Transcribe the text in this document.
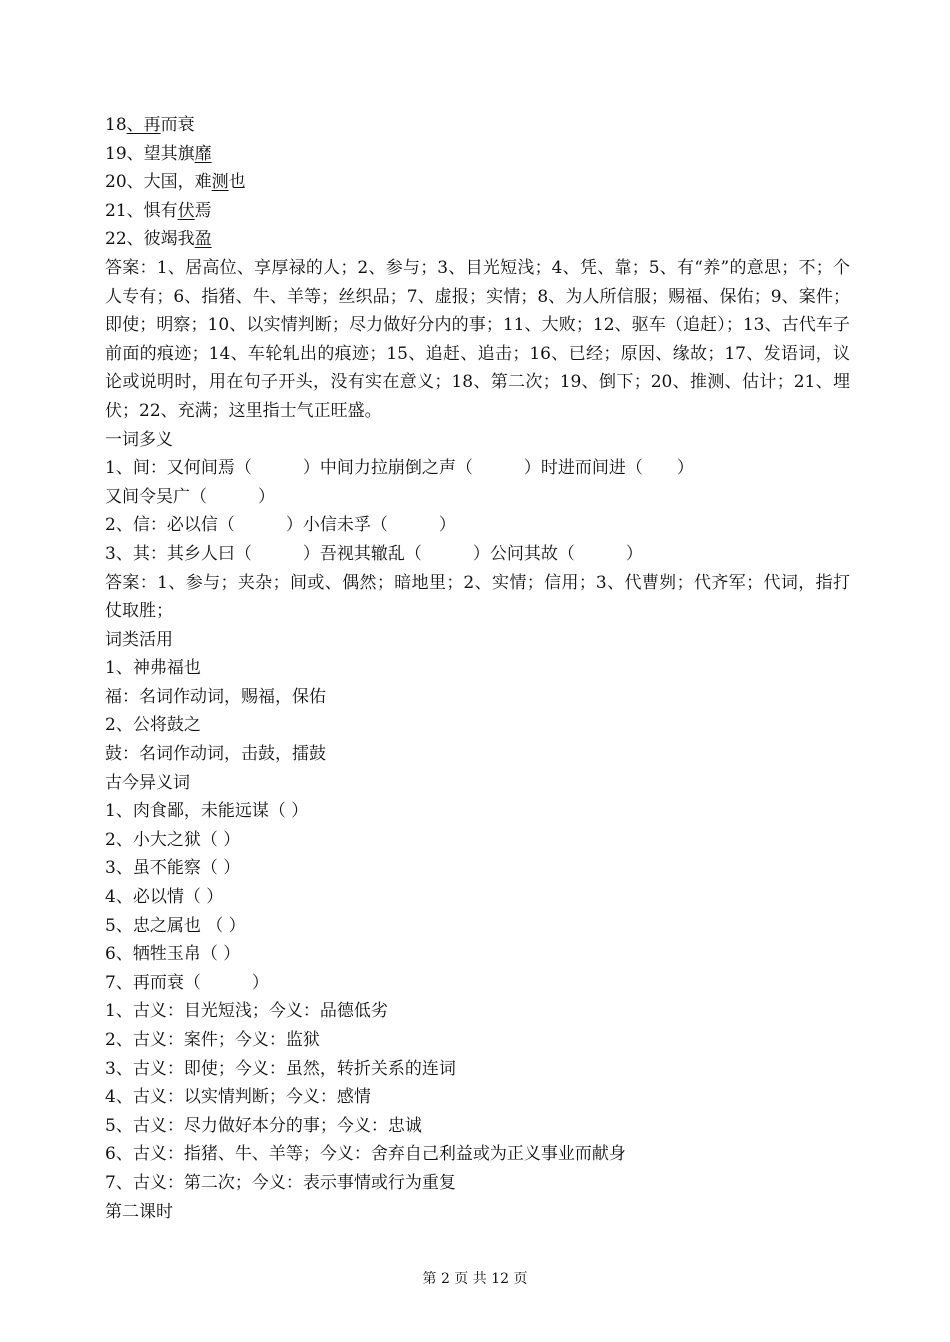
18、再而衰
19、望其旗靡
20、大国，难测也
21、惧有伏焉
22、彼竭我盈
答案：1、居高位、享厚禄的人；2、参与；3、目光短浅；4、凭、靠；5、有“养”的意思；不；个人专有；6、指猪、牛、羊等；丝织品；7、虚报；实情；8、为人所信服；赐福、保佑；9、案件；即使；明察；10、以实情判断；尽力做好分内的事；11、大败；12、驱车（追赶）；13、古代车子前面的痕迹；14、车轮轧出的痕迹；15、追赶、追击；16、已经；原因、缘故；17、发语词，议论或说明时，用在句子开头，没有实在意义；18、第二次；19、倒下；20、推测、估计；21、埋伏；22、充满；这里指士气正旺盛。
一词多义
1、间：又何间焉（　　　）中间力拉崩倒之声（　　　）时进而间进（　　）
又间令吴广（　　　）
2、信：必以信（　　　）小信未孚（　　　）
3、其：其乡人曰（　　　）吾视其辙乱（　　　）公问其故（　　　）
答案：1、参与；夹杂；间或、偶然；暗地里；2、实情；信用；3、代曹刿；代齐军；代词，指打仗取胜；
词类活用
1、神弗福也
福：名词作动词，赐福，保佑
2、公将鼓之
鼓：名词作动词，击鼓，擂鼓
古今异义词
1、肉食鄙，未能远谋（ ）
2、小大之狱（ ）
3、虽不能察（ ）
4、必以情（ ）
5、忠之属也 （ ）
6、牺牲玉帛（ ）
7、再而衰（　　　）
1、古义：目光短浅；今义：品德低劣
2、古义：案件；今义：监狱
3、古义：即使；今义：虽然，转折关系的连词
4、古义：以实情判断；今义：感情
5、古义：尽力做好本分的事；今义：忠诚
6、古义：指猪、牛、羊等；今义：舍弃自己利益或为正义事业而献身
7、古义：第二次；今义：表示事情或行为重复
第二课时
第 2 页 共 12 页
